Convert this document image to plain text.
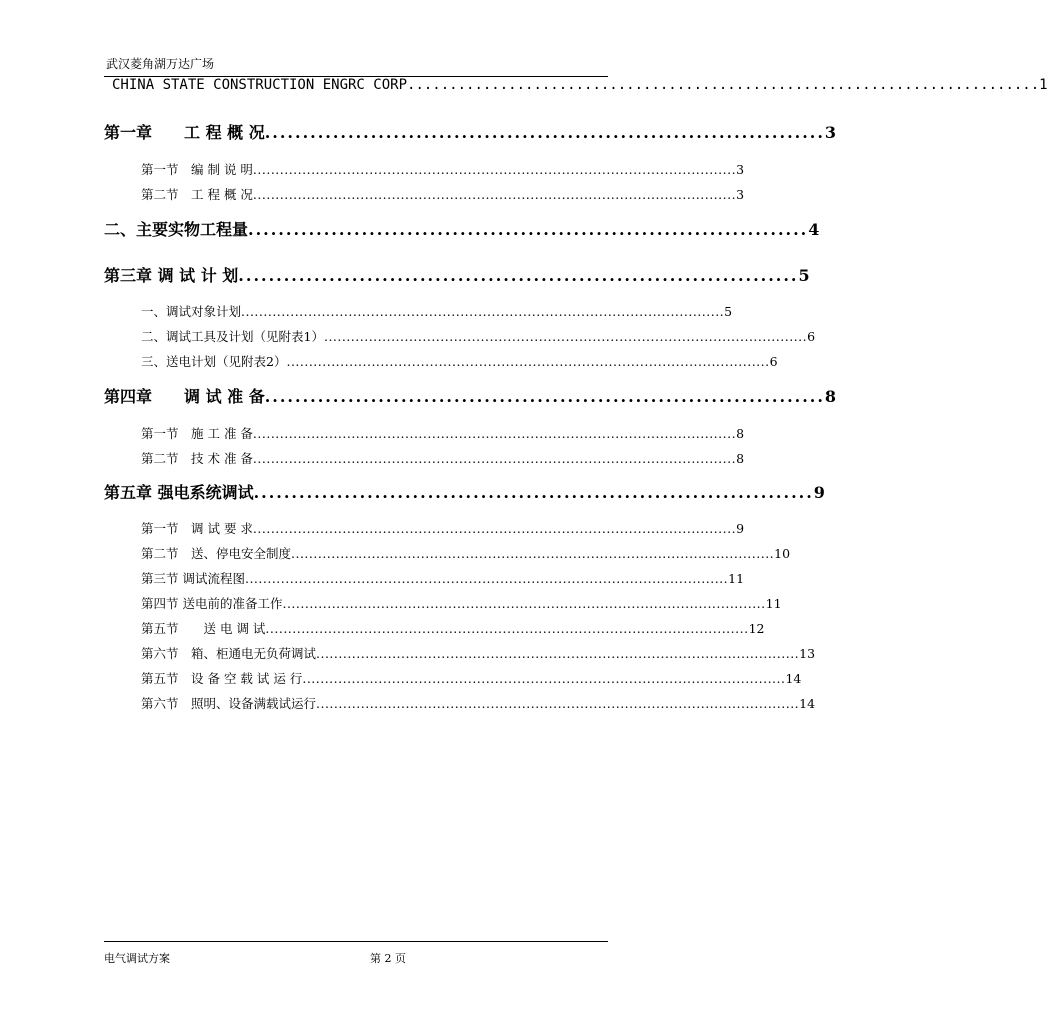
武汉菱角湖万达广场
CHINA STATE CONSTRUCTION ENGRC CORP. .......................................................................... 1
第一章　　工 程 概 况 .......................................................................... 3
第一节　编 制 说 明 ............................................................................................................ 3
第二节　工 程 概 况 ............................................................................................................ 3
二、主要实物工程量 .......................................................................... 4
第三章 调 试 计 划 .......................................................................... 5
一、调试对象计划 ............................................................................................................ 5
二、调试工具及计划（见附表1） ............................................................................................................ 6
三、送电计划（见附表2） ............................................................................................................ 6
第四章　　调 试 准 备 .......................................................................... 8
第一节　施 工 准 备 ............................................................................................................ 8
第二节　技 术 准 备 ............................................................................................................ 8
第五章 强电系统调试 .......................................................................... 9
第一节　调 试 要 求 ............................................................................................................ 9
第二节　送、停电安全制度 ............................................................................................................ 10
第三节 调试流程图 ............................................................................................................ 11
第四节 送电前的准备工作 ............................................................................................................ 11
第五节　　送 电 调 试 ............................................................................................................ 12
第六节　箱、柜通电无负荷调试 ............................................................................................................ 13
第五节　设 备 空 载 试 运 行 ............................................................................................................ 14
第六节　照明、设备满载试运行 ............................................................................................................ 14
电气调试方案	第 2 页
